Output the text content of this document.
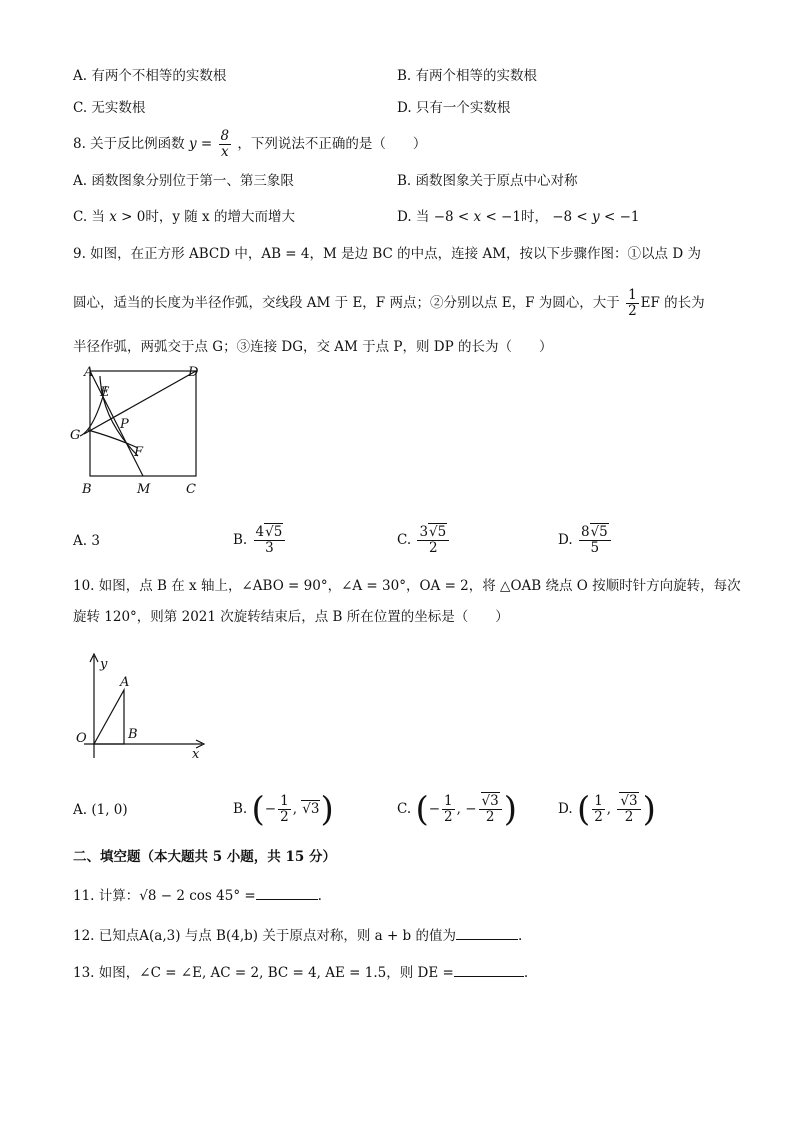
A. 有两个不相等的实数根	B. 有两个相等的实数根
C. 无实数根	D. 只有一个实数根
8. 关于反比例函数 $y = \frac{8}{x}$ ，下列说法不正确的是（　　）
A. 函数图象分别位于第一、第三象限	B. 函数图象关于原点中心对称
C. 当 x > 0时，y 随 x 的增大而增大	D. 当 −8 < x < −1时， −8 < y < −1
9. 如图，在正方形 ABCD 中，AB = 4，M 是边 BC 的中点，连接 AM，按以下步骤作图：①以点 D 为
圆心，适当的长度为半径作弧，交线段 AM 于 E，F 两点；②分别以点 E，F 为圆心，大于 $\frac{1}{2}$ EF 的长为
半径作弧，两弧交于点 G；③连接 DG，交 AM 于点 P，则 DP 的长为（　　）
A	D
E
P
G
F
B	M	C
A. 3	B. $\frac{4√5}{3}$	C. $\frac{3√5}{2}$	D. $\frac{8√5}{5}$
10. 如图，点 B 在 x 轴上，∠ABO = 90°，∠A = 30°，OA = 2，将 △OAB 绕点 O 按顺时针方向旋转，每次
旋转 120°，则第 2021 次旋转结束后，点 B 所在位置的坐标是（　　）
y
A
O	B
x
A. (1, 0)	B. (− $\frac{1}{2}$ , √3)	C. (− $\frac{1}{2}$ , − $\frac{√3}{2}$ )	D. ( $\frac{1}{2}$ , $\frac{√3}{2}$ )
二、填空题（本大题共 5 小题，共 15 分）
11. 计算：√8 − 2 cos 45° =	.
12. 已知点A(a,3) 与点 B(4,b) 关于原点对称，则 a + b 的值为	.
13. 如图，∠C = ∠E, AC = 2, BC = 4, AE = 1.5，则 DE =	.
